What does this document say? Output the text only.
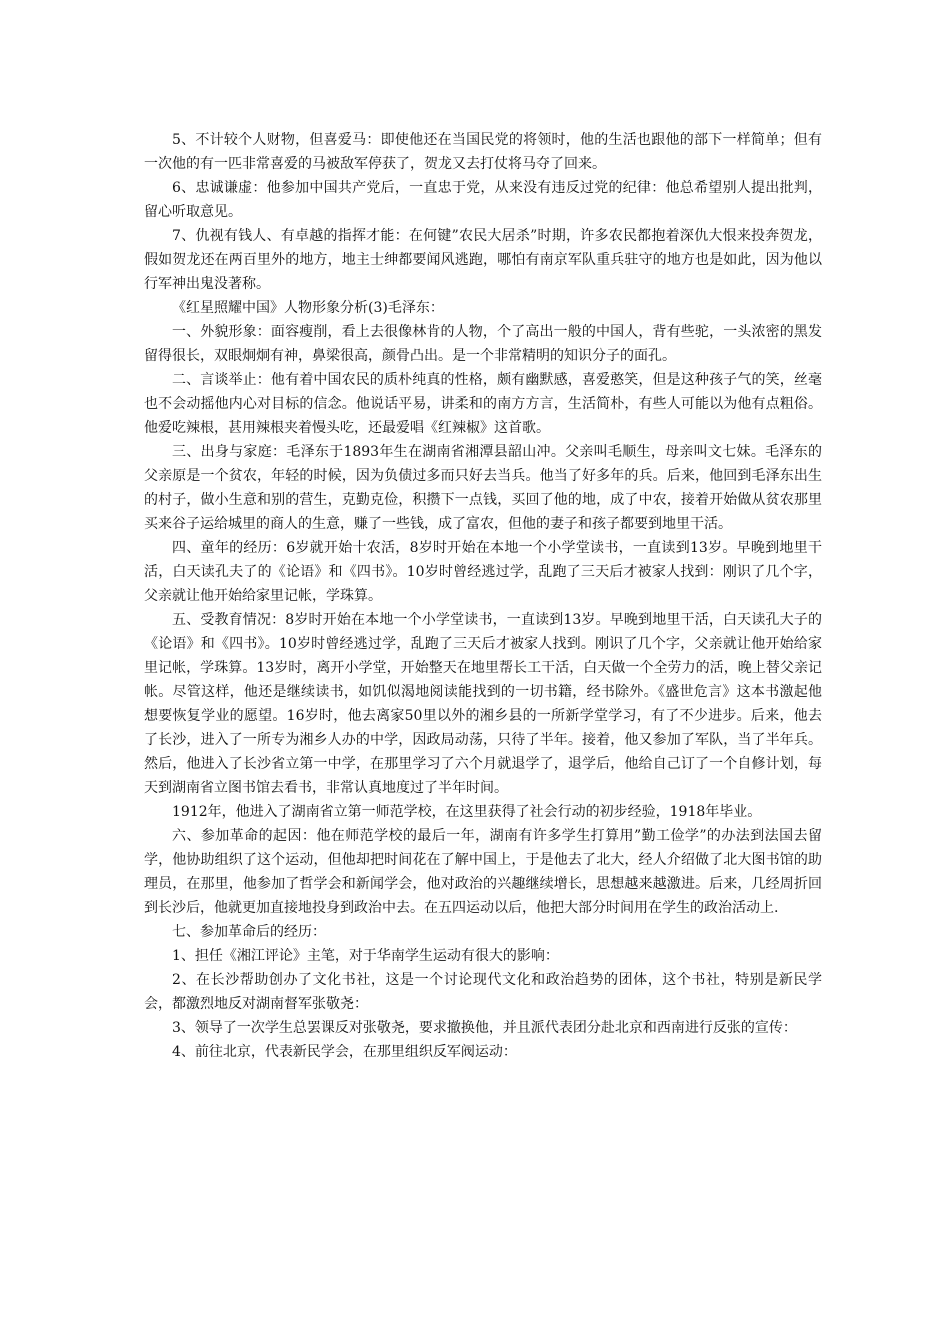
5、不计较个人财物，但喜爱马：即使他还在当国民党的将领时，他的生活也跟他的部下一样简单；但有一次他的有一匹非常喜爱的马被敌军停获了，贺龙又去打仗将马夺了回来。

6、忠诚谦虚：他参加中国共产党后，一直忠于党，从来没有违反过党的纪律：他总希望别人提出批判，留心听取意见。

7、仇视有钱人、有卓越的指挥才能：在何键”农民大居杀”时期，许多农民都抱着深仇大恨来投奔贺龙，假如贺龙还在两百里外的地方，地主士绅都要闻风逃跑，哪怕有南京军队重兵驻守的地方也是如此，因为他以行军神出鬼没著称。

《红星照耀中国》人物形象分析(3)毛泽东：

一、外貌形象：面容瘦削，看上去很像林肯的人物，个了高出一般的中国人，背有些驼，一头浓密的黑发留得很长，双眼炯炯有神，鼻梁很高，颜骨凸出。是一个非常精明的知识分子的面孔。

二、言谈举止：他有着中国农民的质朴纯真的性格，颇有幽默感，喜爱憨笑，但是这种孩子气的笑，丝毫也不会动摇他内心对目标的信念。他说话平易，讲柔和的南方方言，生活简朴，有些人可能以为他有点粗俗。他爱吃辣根，甚用辣根夹着慢头吃，还最爱唱《红辣椒》这首歌。

三、出身与家庭：毛泽东于1893年生在湖南省湘潭县韶山冲。父亲叫毛顺生，母亲叫文七妹。毛泽东的父亲原是一个贫农，年轻的时候，因为负债过多而只好去当兵。他当了好多年的兵。后来，他回到毛泽东出生的村子，做小生意和别的营生，克勤克俭，积攒下一点钱，买回了他的地，成了中农，接着开始做从贫农那里买来谷子运给城里的商人的生意，赚了一些钱，成了富农，但他的妻子和孩子都要到地里干活。

四、童年的经历：6岁就开始十农活，8岁时开始在本地一个小学堂读书，一直读到13岁。早晚到地里干活，白天读孔夫了的《论语》和《四书》。10岁时曾经逃过学，乱跑了三天后才被家人找到：刚识了几个字，父亲就让他开始给家里记帐，学珠算。

五、受教育情况：8岁时开始在本地一个小学堂读书，一直读到13岁。早晚到地里干活，白天读孔大子的《论语》和《四书》。10岁时曾经逃过学，乱跑了三天后才被家人找到。刚识了几个字，父亲就让他开始给家里记帐，学珠算。13岁时，离开小学堂，开始整天在地里帮长工干活，白天做一个全劳力的活，晚上替父亲记帐。尽管这样，他还是继续读书，如饥似渴地阅读能找到的一切书籍，经书除外。《盛世危言》这本书激起他想要恢复学业的愿望。16岁时，他去离家50里以外的湘乡县的一所新学堂学习，有了不少进步。后来，他去了长沙，进入了一所专为湘乡人办的中学，因政局动荡，只待了半年。接着，他又参加了军队，当了半年兵。然后，他进入了长沙省立第一中学，在那里学习了六个月就退学了，退学后，他给自己订了一个自修计划，每天到湖南省立图书馆去看书，非常认真地度过了半年时间。

1912年，他进入了湖南省立第一师范学校，在这里获得了社会行动的初步经验，1918年毕业。

六、参加革命的起因：他在师范学校的最后一年，湖南有许多学生打算用”勤工俭学”的办法到法国去留学，他协助组织了这个运动，但他却把时间花在了解中国上，于是他去了北大，经人介绍做了北大图书馆的助理员，在那里，他参加了哲学会和新闻学会，他对政治的兴趣继续增长，思想越来越激进。后来，几经周折回到长沙后，他就更加直接地投身到政治中去。在五四运动以后，他把大部分时间用在学生的政治活动上.

七、参加革命后的经历：

1、担任《湘江评论》主笔，对于华南学生运动有很大的影响：

2、在长沙帮助创办了文化书社，这是一个讨论现代文化和政治趋势的团体，这个书社，特别是新民学会，都激烈地反对湖南督军张敬尧：

3、领导了一次学生总罢课反对张敬尧，要求撤换他，并且派代表团分赴北京和西南进行反张的宣传：

4、前往北京，代表新民学会，在那里组织反军阀运动：
